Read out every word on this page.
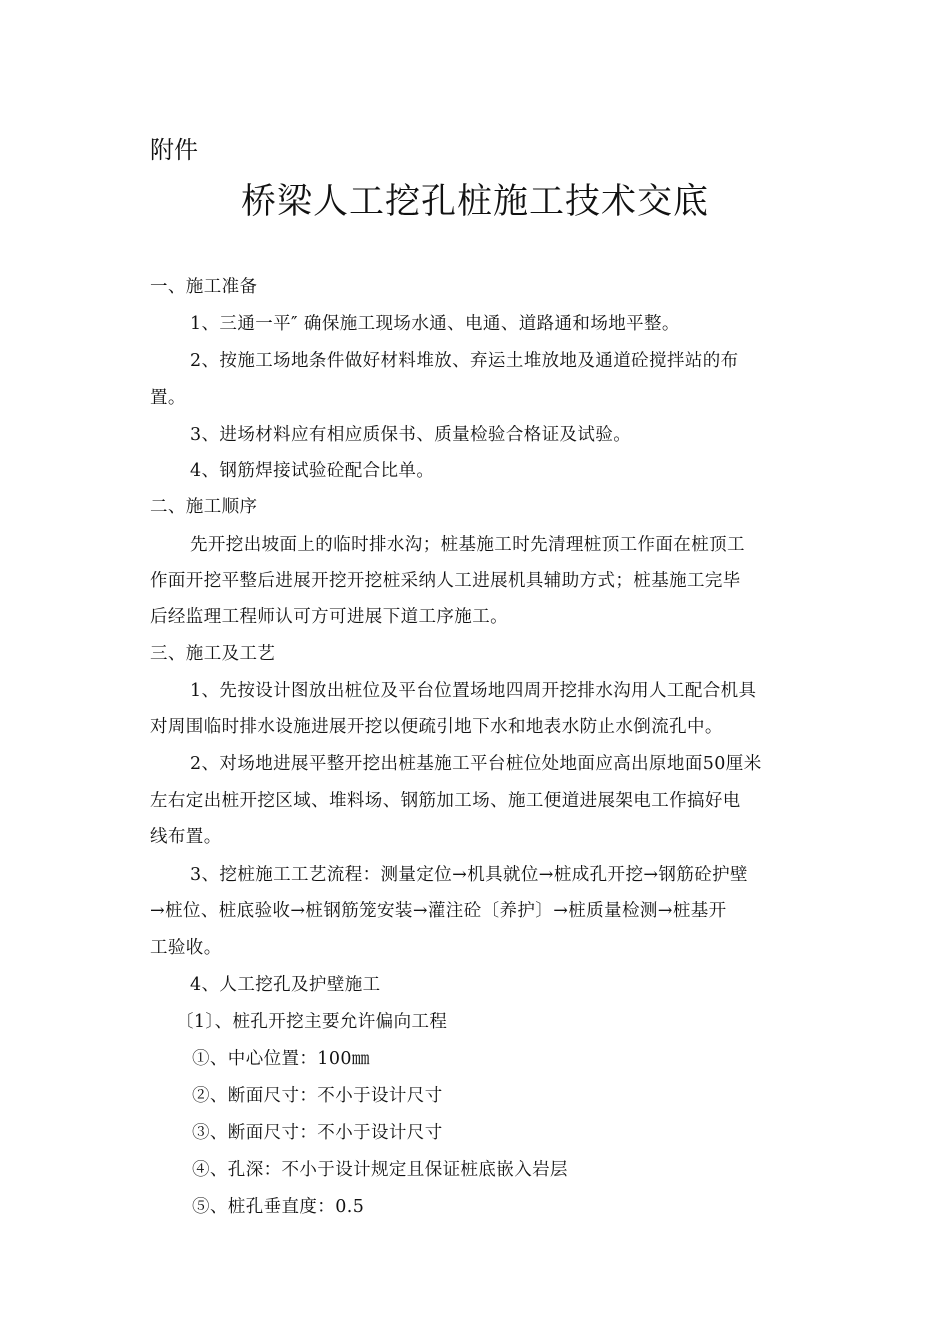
附件
桥梁人工挖孔桩施工技术交底
一、施工准备
1、三通一平″ 确保施工现场水通、电通、道路通和场地平整。
2、按施工场地条件做好材料堆放、弃运土堆放地及通道砼搅拌站的布
置。
3、进场材料应有相应质保书、质量检验合格证及试验。
4、钢筋焊接试验砼配合比单。
二、施工顺序
先开挖出坡面上的临时排水沟；桩基施工时先清理桩顶工作面在桩顶工
作面开挖平整后进展开挖开挖桩采纳人工进展机具辅助方式；桩基施工完毕
后经监理工程师认可方可进展下道工序施工。
三、施工及工艺
1、先按设计图放出桩位及平台位置场地四周开挖排水沟用人工配合机具
对周围临时排水设施进展开挖以便疏引地下水和地表水防止水倒流孔中。
2、对场地进展平整开挖出桩基施工平台桩位处地面应高出原地面50厘米
左右定出桩开挖区域、堆料场、钢筋加工场、施工便道进展架电工作搞好电
线布置。
3、挖桩施工工艺流程：测量定位→机具就位→桩成孔开挖→钢筋砼护壁
→桩位、桩底验收→桩钢筋笼安装→灌注砼〔养护〕→桩质量检测→桩基开
工验收。
4、人工挖孔及护壁施工
〔1〕、桩孔开挖主要允许偏向工程
①、中心位置：100㎜
②、断面尺寸：不小于设计尺寸
③、断面尺寸：不小于设计尺寸
④、孔深：不小于设计规定且保证桩底嵌入岩层
⑤、桩孔垂直度：0.5
